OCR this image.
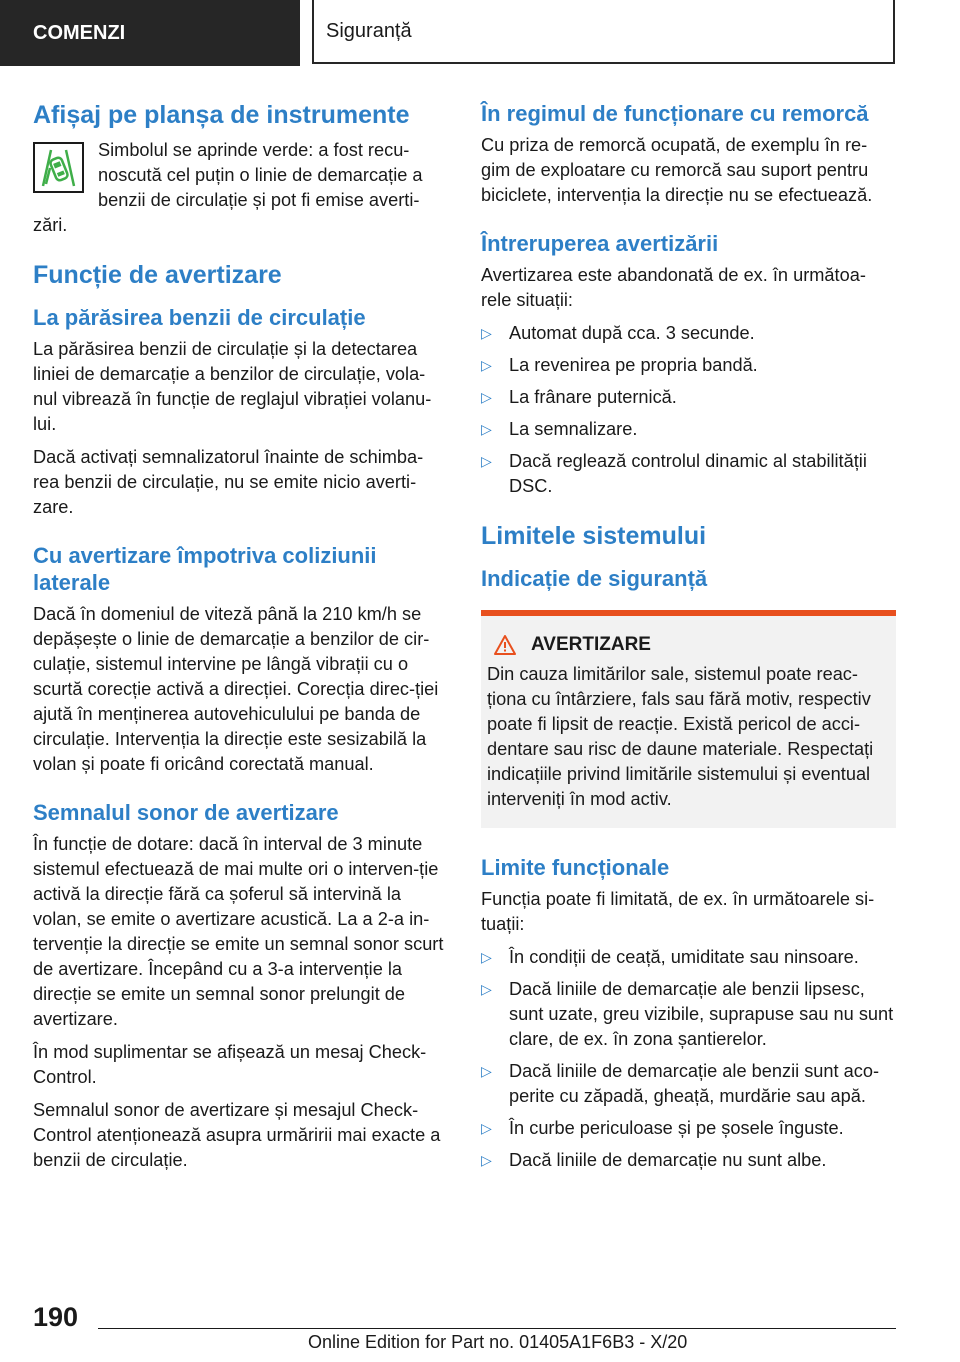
COMENZI	Siguranță
Afișaj pe planșa de instrumente

Simbolul se aprinde verde: a fost recu-noscută cel puțin o linie de demarcație a benzii de circulație și pot fi emise averti-zări.

Funcție de avertizare
La părăsirea benzii de circulație

La părăsirea benzii de circulație și la detectarea liniei de demarcație a benzilor de circulație, vola-nul vibrează în funcție de reglajul vibrației volanu-lui.

Dacă activați semnalizatorul înainte de schimba-rea benzii de circulație, nu se emite nicio averti-zare.

Cu avertizare împotriva coliziunii laterale

Dacă în domeniul de viteză până la 210 km/h se depășește o linie de demarcație a benzilor de cir-culație, sistemul intervine pe lângă vibrații cu o scurtă corecție activă a direcției. Corecția direc-ției ajută în menținerea autovehiculului pe banda de circulație. Intervenția la direcție este sesizabilă la volan și poate fi oricând corectată manual.

Semnalul sonor de avertizare

În funcție de dotare: dacă în interval de 3 minute sistemul efectuează de mai multe ori o interven-ție activă la direcție fără ca șoferul să intervină la volan, se emite o avertizare acustică. La a 2-a in-tervenție la direcție se emite un semnal sonor scurt de avertizare. Începând cu a 3-a intervenție la direcție se emite un semnal sonor prelungit de avertizare.

În mod suplimentar se afișează un mesaj Check-Control.

Semnalul sonor de avertizare și mesajul Check-Control atenționează asupra urmăririi mai exacte a benzii de circulație.

În regimul de funcționare cu remorcă

Cu priza de remorcă ocupată, de exemplu în re-gim de exploatare cu remorcă sau suport pentru biciclete, intervenția la direcție nu se efectuează.

Întreruperea avertizării

Avertizarea este abandonată de ex. în următoa-rele situații:

▷ Automat după cca. 3 secunde.
▷ La revenirea pe propria bandă.
▷ La frânare puternică.
▷ La semnalizare.
▷ Dacă reglează controlul dinamic al stabilității DSC.
Limitele sistemului
Indicație de siguranță
AVERTIZARE

Din cauza limitărilor sale, sistemul poate reac-ționa cu întârziere, fals sau fără motiv, respectiv poate fi lipsit de reacție. Există pericol de acci-dentare sau risc de daune materiale. Respectați indicațiile privind limitările sistemului și eventual interveniți în mod activ.

Limite funcționale

Funcția poate fi limitată, de ex. în următoarele si-tuații:

▷ În condiții de ceață, umiditate sau ninsoare.
▷ Dacă liniile de demarcație ale benzii lipsesc, sunt uzate, greu vizibile, suprapuse sau nu sunt clare, de ex. în zona șantierelor.
▷ Dacă liniile de demarcație ale benzii sunt aco-perite cu zăpadă, gheață, murdărie sau apă.
▷ În curbe periculoase și pe șosele înguste.
▷ Dacă liniile de demarcație nu sunt albe.
190
Online Edition for Part no. 01405A1F6B3 - X/20
